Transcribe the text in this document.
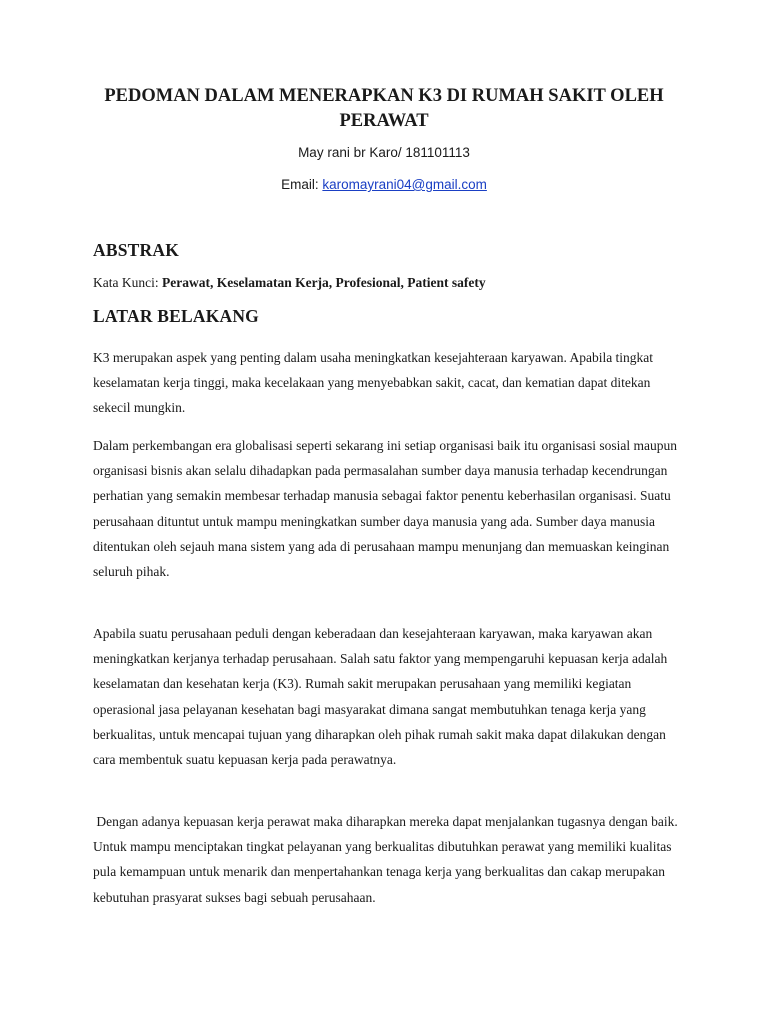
PEDOMAN DALAM MENERAPKAN K3 DI RUMAH SAKIT OLEH PERAWAT
May rani br Karo/ 181101113
Email: karomayrani04@gmail.com
ABSTRAK

Kata Kunci: Perawat, Keselamatan Kerja, Profesional, Patient safety

LATAR BELAKANG

K3 merupakan aspek yang penting dalam usaha meningkatkan kesejahteraan karyawan. Apabila tingkat keselamatan kerja tinggi, maka kecelakaan yang menyebabkan sakit, cacat, dan kematian dapat ditekan sekecil mungkin.

Dalam perkembangan era globalisasi seperti sekarang ini setiap organisasi baik itu organisasi sosial maupun organisasi bisnis akan selalu dihadapkan pada permasalahan sumber daya manusia terhadap kecendrungan perhatian yang semakin membesar terhadap manusia sebagai faktor penentu keberhasilan organisasi. Suatu perusahaan dituntut untuk mampu meningkatkan sumber daya manusia yang ada. Sumber daya manusia ditentukan oleh sejauh mana sistem yang ada di perusahaan mampu menunjang dan memuaskan keinginan seluruh pihak.

Apabila suatu perusahaan peduli dengan keberadaan dan kesejahteraan karyawan, maka karyawan akan meningkatkan kerjanya terhadap perusahaan. Salah satu faktor yang mempengaruhi kepuasan kerja adalah keselamatan dan kesehatan kerja (K3). Rumah sakit merupakan perusahaan yang memiliki kegiatan operasional jasa pelayanan kesehatan bagi masyarakat dimana sangat membutuhkan tenaga kerja yang berkualitas, untuk mencapai tujuan yang diharapkan oleh pihak rumah sakit maka dapat dilakukan dengan cara membentuk suatu kepuasan kerja pada perawatnya.

Dengan adanya kepuasan kerja perawat maka diharapkan mereka dapat menjalankan tugasnya dengan baik. Untuk mampu menciptakan tingkat pelayanan yang berkualitas dibutuhkan perawat yang memiliki kualitas pula kemampuan untuk menarik dan menpertahankan tenaga kerja yang berkualitas dan cakap merupakan kebutuhan prasyarat sukses bagi sebuah perusahaan.
